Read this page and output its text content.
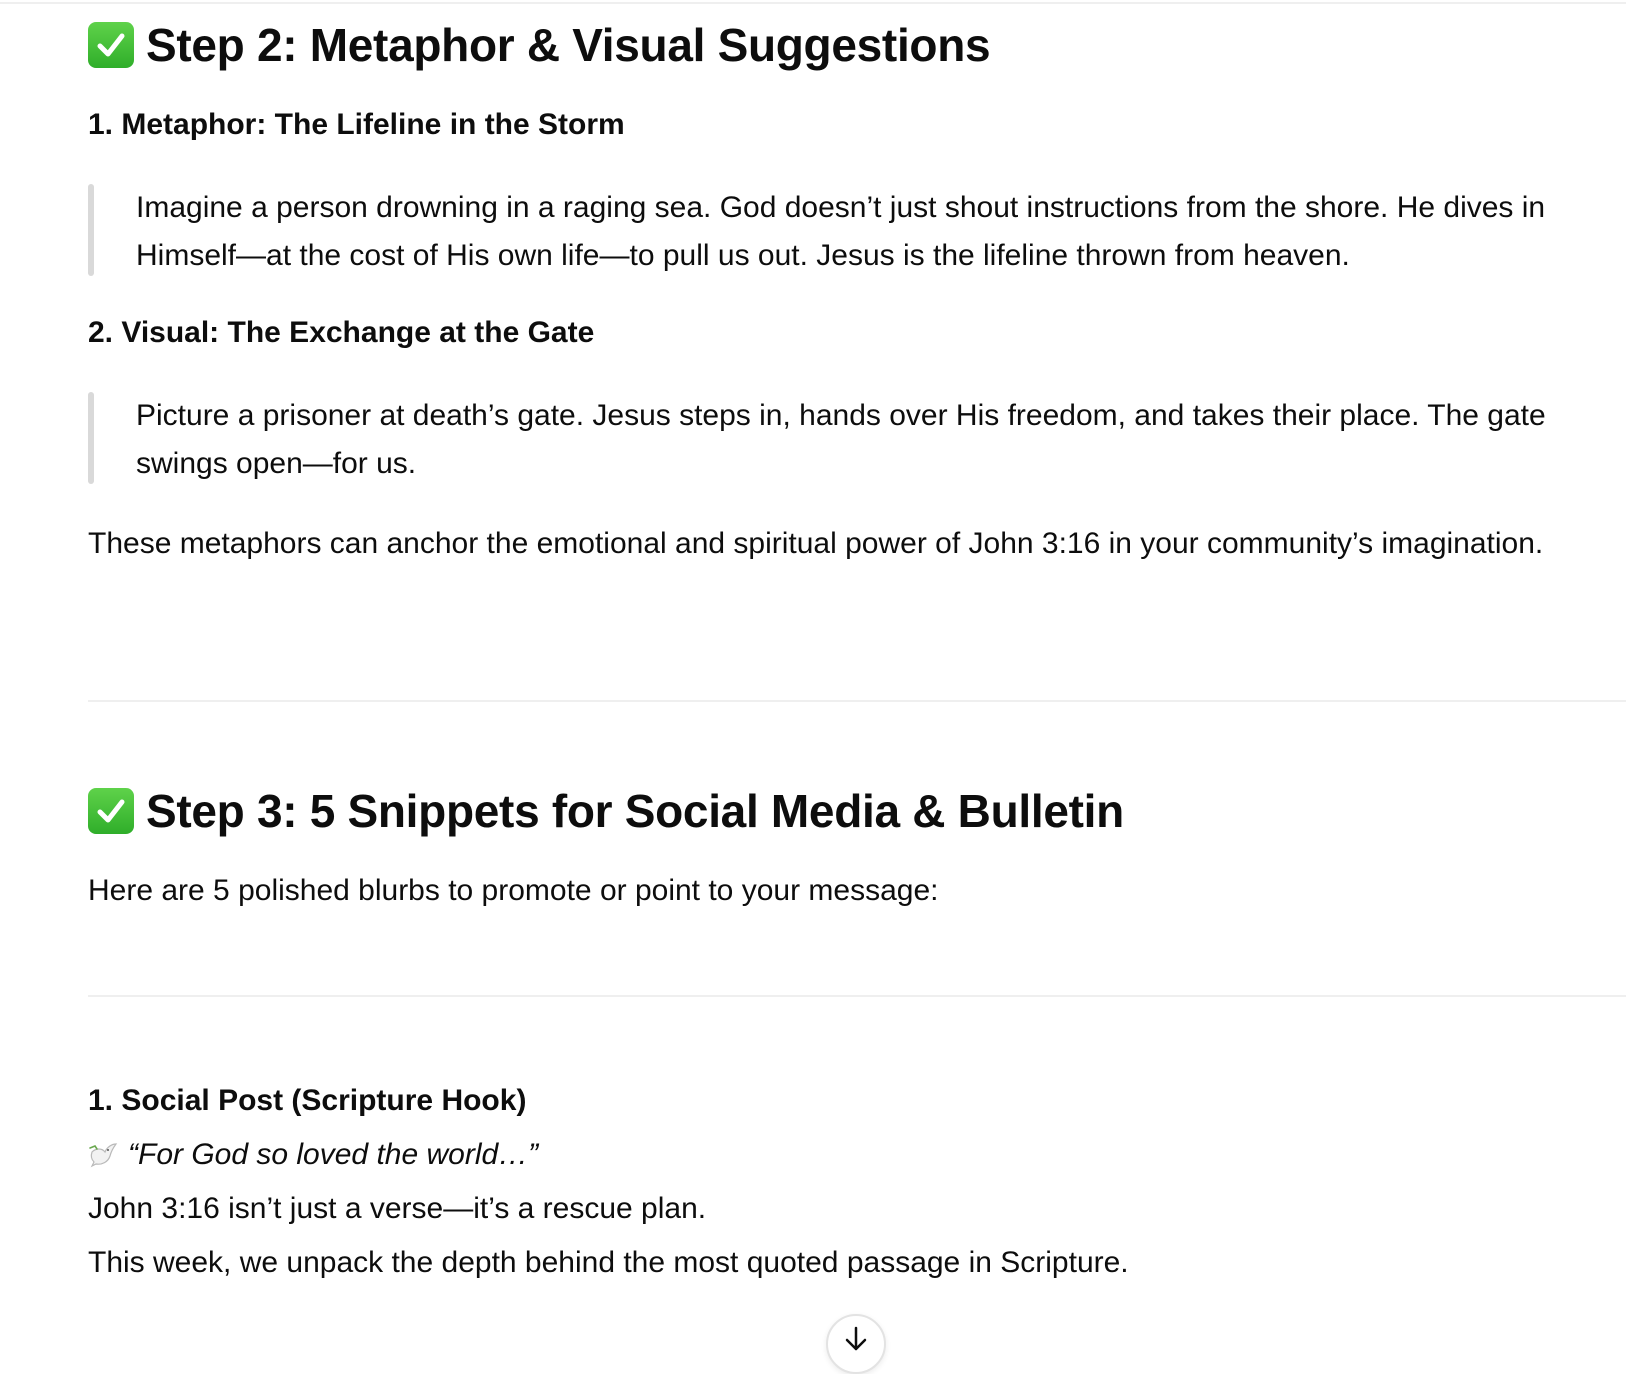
Step 2: Metaphor & Visual Suggestions
1. Metaphor: The Lifeline in the Storm
Imagine a person drowning in a raging sea. God doesn’t just shout instructions from the shore. He dives in Himself—at the cost of His own life—to pull us out. Jesus is the lifeline thrown from heaven.
2. Visual: The Exchange at the Gate
Picture a prisoner at death’s gate. Jesus steps in, hands over His freedom, and takes their place. The gate swings open—for us.
These metaphors can anchor the emotional and spiritual power of John 3:16 in your community’s imagination.
Step 3: 5 Snippets for Social Media & Bulletin
Here are 5 polished blurbs to promote or point to your message:
1. Social Post (Scripture Hook)
“For God so loved the world…”
John 3:16 isn’t just a verse—it’s a rescue plan.
This week, we unpack the depth behind the most quoted passage in Scripture.
